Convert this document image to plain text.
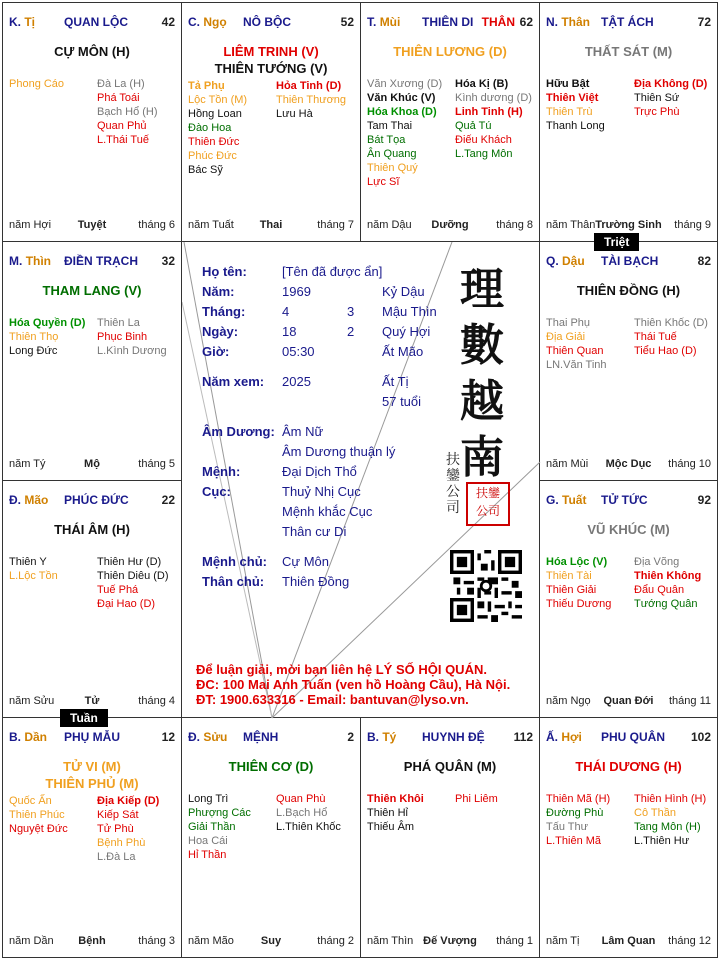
K. Tị QUAN LỘC	42
CỰ MÔN (H)
Phong Cáo	Đà La (H)
Phá Toái
Bạch Hổ (H)
Quan Phủ
L.Thái Tuế
năm Hợi	Tuyệt	tháng 6
C. Ngọ NÔ BỘC	52
LIÊM TRINH (V)
THIÊN TƯỚNG (V)
Tả Phụ
Lộc Tồn (M)
Hồng Loan
Đào Hoa
Thiên Đức
Phúc Đức
Bác Sỹ
Hỏa Tinh (D)
Thiên Thương
Lưu Hà
năm Tuất	Thai	tháng 7
T. Mùi THIÊN DI THÂN 62
THIÊN LƯƠNG (D)
Văn Xương (D)
Văn Khúc (V)
Hóa Khoa (D)
Tam Thai
Bát Tọa
Ân Quang
Thiên Quý
Lực Sĩ
Hóa Kị (B)
Kình dương (D)
Linh Tinh (H)
Quả Tú
Điếu Khách
L.Tang Môn
năm Dậu	Dưỡng	tháng 8
N. Thân TẬT ÁCH	72
THẤT SÁT (M)
Hữu Bật
Thiên Việt
Thiên Trù
Thanh Long
Địa Không (D)
Thiên Sứ
Trực Phù
năm Thân Trường Sinh	tháng 9
M. Thìn ĐIỀN TRẠCH 32
THAM LANG (V)
Hóa Quyền (D)
Thiên Thọ
Long Đức
Thiên La
Phục Binh
L.Kình Dương
năm Tý	Mộ	tháng 5
Q. Dậu TÀI BẠCH	82
THIÊN ĐỒNG (H)
Thai Phụ
Địa Giải
Thiên Quan
LN.Văn Tinh
Thiên Khốc (D)
Thái Tuế
Tiểu Hao (D)
năm Mùi	Mộc Dục	tháng 10
Đ. Mão PHÚC ĐỨC	22
THÁI ÂM (H)
Thiên Y
L.Lộc Tồn
Thiên Hư (D)
Thiên Diêu (D)
Tuế Phá
Đại Hao (D)
năm Sửu	Tử	tháng 4
G. Tuất TỬ TỨC	92
VŨ KHÚC (M)
Hóa Lộc (V)
Thiên Tài
Thiên Giải
Thiếu Dương
Địa Võng
Thiên Không
Đẩu Quân
Tướng Quân
năm Ngọ	Quan Đới	tháng 11
B. Dần PHỤ MẪU	12
TỬ VI (M)
THIÊN PHỦ (M)
Quốc Ấn
Thiên Phúc
Nguyệt Đức
Địa Kiếp (D)
Kiếp Sát
Tử Phù
Bệnh Phù
L.Đà La
năm Dần	Bệnh	tháng 3
Đ. Sửu MỆNH	2
THIÊN CƠ (D)
Long Trì
Phượng Các
Giải Thần
Hoa Cái
Hỉ Thần
Quan Phù
L.Bạch Hổ
L.Thiên Khốc
năm Mão	Suy	tháng 2
B. Tý HUYNH ĐỆ 112
PHÁ QUÂN (M)
Thiên Khôi
Thiên Hỉ
Thiếu Âm
Phi Liêm
năm Thìn Đế Vượng	tháng 1
Ấ. Hợi PHU QUÂN 102
THÁI DƯƠNG (H)
Thiên Mã (H)
Đường Phù
Tấu Thư
L.Thiên Mã
Thiên Hình (H)
Cô Thần
Tang Môn (H)
L.Thiên Hư
năm Tị	Lâm Quan	tháng 12
Họ tên:	[Tên đã được ẩn]
Năm:	1969	Kỷ Dậu
Tháng:	4	3 Mậu Thìn
Ngày:	18	2 Quý Hợi
Giờ:	05:30	Ất Mão
Năm xem: 2025	Ất Tị
57 tuổi
Âm Dương: Âm Nữ
Âm Dương thuận lý
Mệnh:	Đại Dịch Thổ
Cục:	Thuỷ Nhị Cục
Mệnh khắc Cục
Thân cư Di
Mệnh chủ: Cự Môn
Thân chủ: Thiên Đồng
理
數
越
南
扶
鑾
公
司
扶鑾
公司
Để luận giải, mời bạn liên hệ LÝ SỐ HỘI QUÁN.
ĐC: 100 Mai Anh Tuấn (ven hồ Hoàng Cầu), Hà Nội.
ĐT: 1900.633316 - Email: bantuvan@lyso.vn.
Triệt
Tuần
